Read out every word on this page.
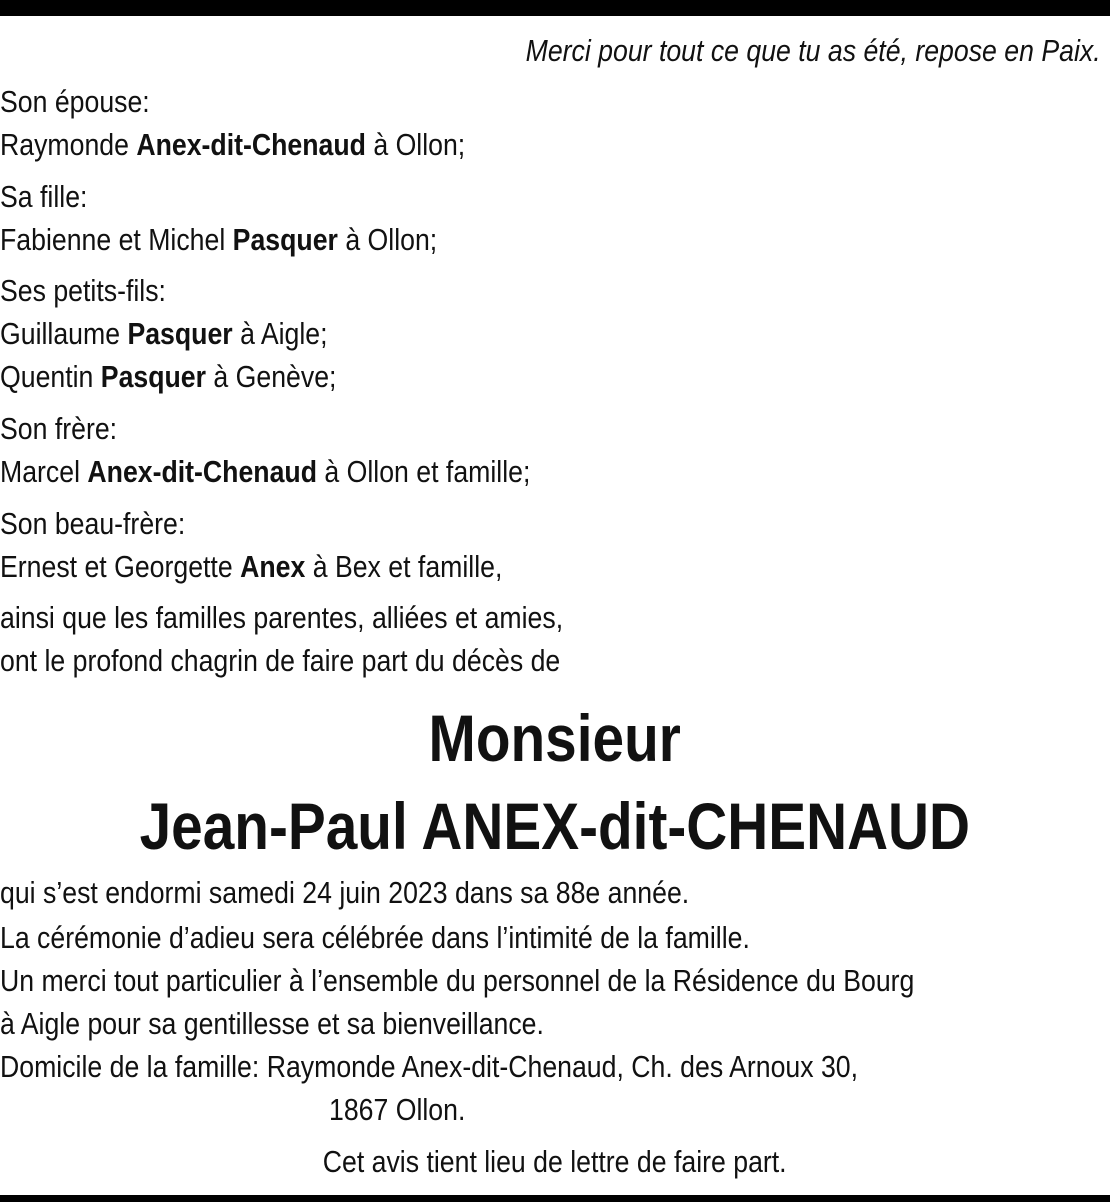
Merci pour tout ce que tu as été, repose en Paix.
Son épouse:
Raymonde Anex-dit-Chenaud à Ollon;
Sa fille:
Fabienne et Michel Pasquer à Ollon;
Ses petits-fils:
Guillaume Pasquer à Aigle;
Quentin Pasquer à Genève;
Son frère:
Marcel Anex-dit-Chenaud à Ollon et famille;
Son beau-frère:
Ernest et Georgette Anex à Bex et famille,
ainsi que les familles parentes, alliées et amies,
ont le profond chagrin de faire part du décès de
Monsieur
Jean-Paul ANEX-dit-CHENAUD
qui s’est endormi samedi 24 juin 2023 dans sa 88e année.
La cérémonie d’adieu sera célébrée dans l’intimité de la famille.
Un merci tout particulier à l’ensemble du personnel de la Résidence du Bourg
à Aigle pour sa gentillesse et sa bienveillance.
Domicile de la famille: Raymonde Anex-dit-Chenaud, Ch. des Arnoux 30,
1867 Ollon.
Cet avis tient lieu de lettre de faire part.
